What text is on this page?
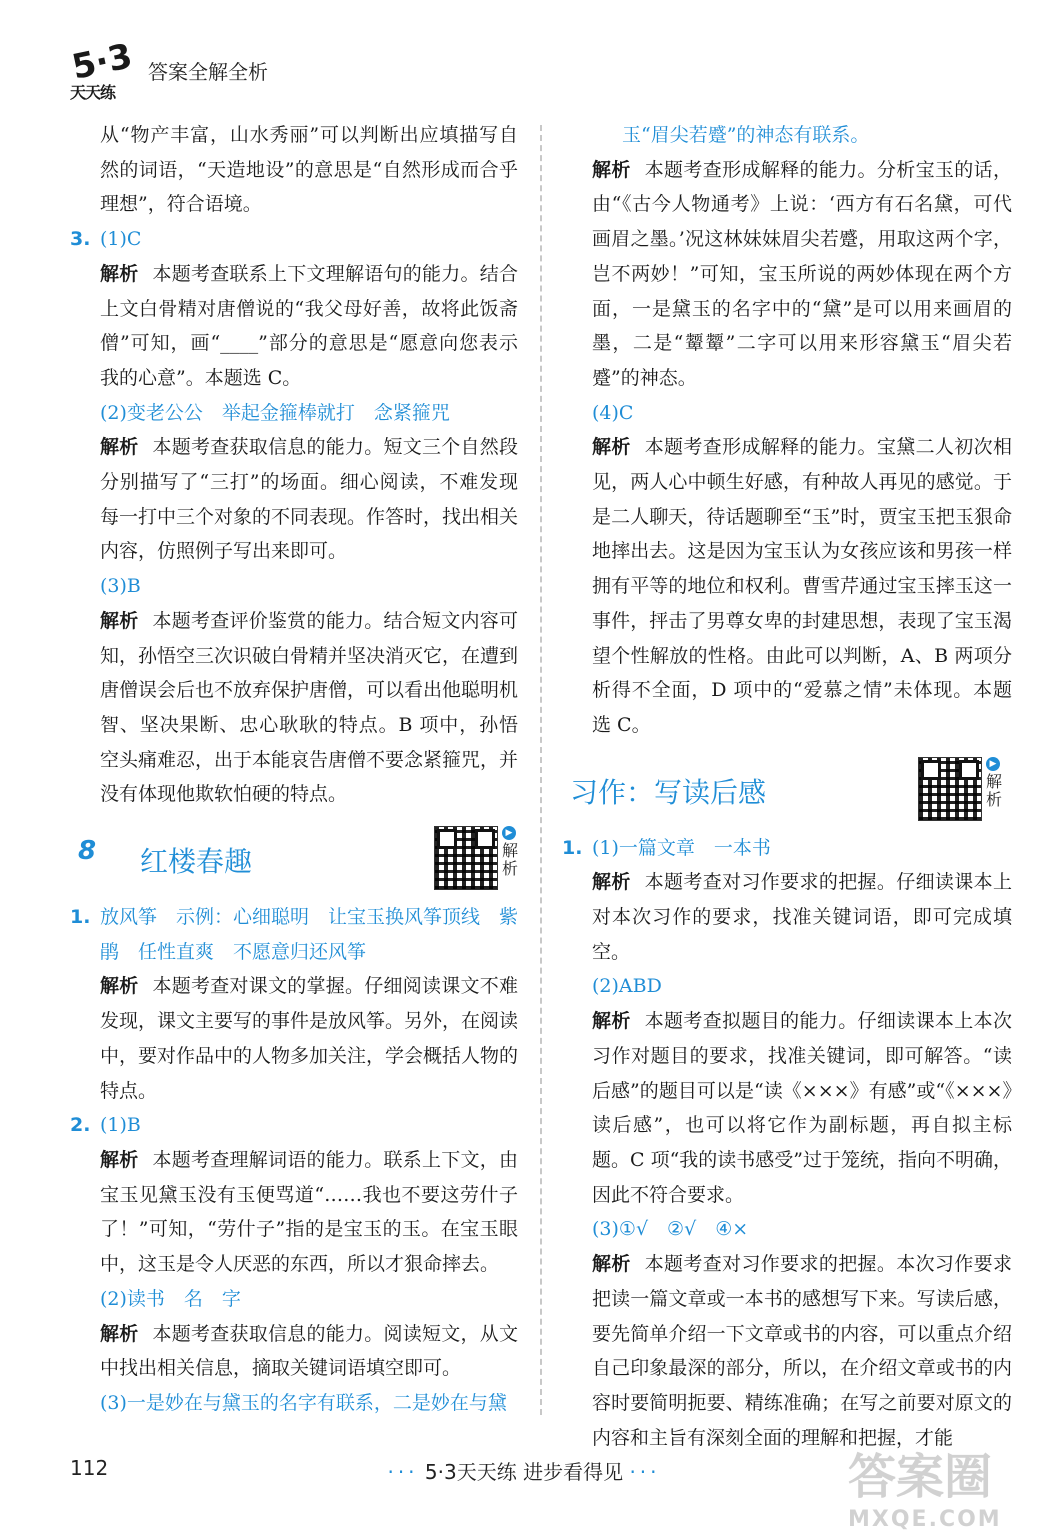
5·3
天天练
答案全解全析

从“物产丰富，山水秀丽”可以判断出应填描写自然的词语，“天造地设”的意思是“自然形成而合乎理想”，符合语境。

3. (1)C

解析 本题考查联系上下文理解语句的能力。结合上文白骨精对唐僧说的“我父母好善，故将此饭斋僧”可知，画“____”部分的意思是“愿意向您表示我的心意”。本题选 C。

(2)变老公公　举起金箍棒就打　念紧箍咒

解析 本题考查获取信息的能力。短文三个自然段分别描写了“三打”的场面。细心阅读，不难发现每一打中三个对象的不同表现。作答时，找出相关内容，仿照例子写出来即可。

(3)B

解析 本题考查评价鉴赏的能力。结合短文内容可知，孙悟空三次识破白骨精并坚决消灭它，在遭到唐僧误会后也不放弃保护唐僧，可以看出他聪明机智、坚决果断、忠心耿耿的特点。B 项中，孙悟空头痛难忍，出于本能哀告唐僧不要念紧箍咒，并没有体现他欺软怕硬的特点。

8 红楼春趣
▶
解析

1. 放风筝　示例：心细聪明　让宝玉换风筝顶线　紫鹃　任性直爽　不愿意归还风筝

解析 本题考查对课文的掌握。仔细阅读课文不难发现，课文主要写的事件是放风筝。另外，在阅读中，要对作品中的人物多加关注，学会概括人物的特点。

2. (1)B

解析 本题考查理解词语的能力。联系上下文，由宝玉见黛玉没有玉便骂道“……我也不要这劳什子了！”可知，“劳什子”指的是宝玉的玉。在宝玉眼中，这玉是令人厌恶的东西，所以才狠命摔去。

(2)读书　名　字

解析 本题考查获取信息的能力。阅读短文，从文中找出相关信息，摘取关键词语填空即可。

(3)一是妙在与黛玉的名字有联系，二是妙在与黛

玉“眉尖若蹙”的神态有联系。

解析 本题考查形成解释的能力。分析宝玉的话，由“《古今人物通考》上说：‘西方有石名黛，可代画眉之墨。’况这林妹妹眉尖若蹙，用取这两个字，岂不两妙！”可知，宝玉所说的两妙体现在两个方面，一是黛玉的名字中的“黛”是可以用来画眉的墨，二是“颦颦”二字可以用来形容黛玉“眉尖若蹙”的神态。

(4)C

解析 本题考查形成解释的能力。宝黛二人初次相见，两人心中顿生好感，有种故人再见的感觉。于是二人聊天，待话题聊至“玉”时，贾宝玉把玉狠命地摔出去。这是因为宝玉认为女孩应该和男孩一样拥有平等的地位和权利。曹雪芹通过宝玉摔玉这一事件，抨击了男尊女卑的封建思想，表现了宝玉渴望个性解放的性格。由此可以判断，A、B 两项分析得不全面，D 项中的“爱慕之情”未体现。本题选 C。

习作：写读后感
▶
解析

1. (1)一篇文章　一本书

解析 本题考查对习作要求的把握。仔细读课本上对本次习作的要求，找准关键词语，即可完成填空。

(2)ABD

解析 本题考查拟题目的能力。仔细读课本上本次习作对题目的要求，找准关键词，即可解答。“读后感”的题目可以是“读《×××》有感”或“《×××》读后感”，也可以将它作为副标题，再自拟主标题。C 项“我的读书感受”过于笼统，指向不明确，因此不符合要求。

(3)①√　②√　④×

解析 本题考查对习作要求的把握。本次习作要求把读一篇文章或一本书的感想写下来。写读后感，要先简单介绍一下文章或书的内容，可以重点介绍自己印象最深的部分，所以，在介绍文章或书的内容时要简明扼要、精练准确；在写之前要对原文的内容和主旨有深刻全面的理解和把握，才能

112	··· 5·3天天练 进步看得见 ···	答案圈
MXQE.COM
